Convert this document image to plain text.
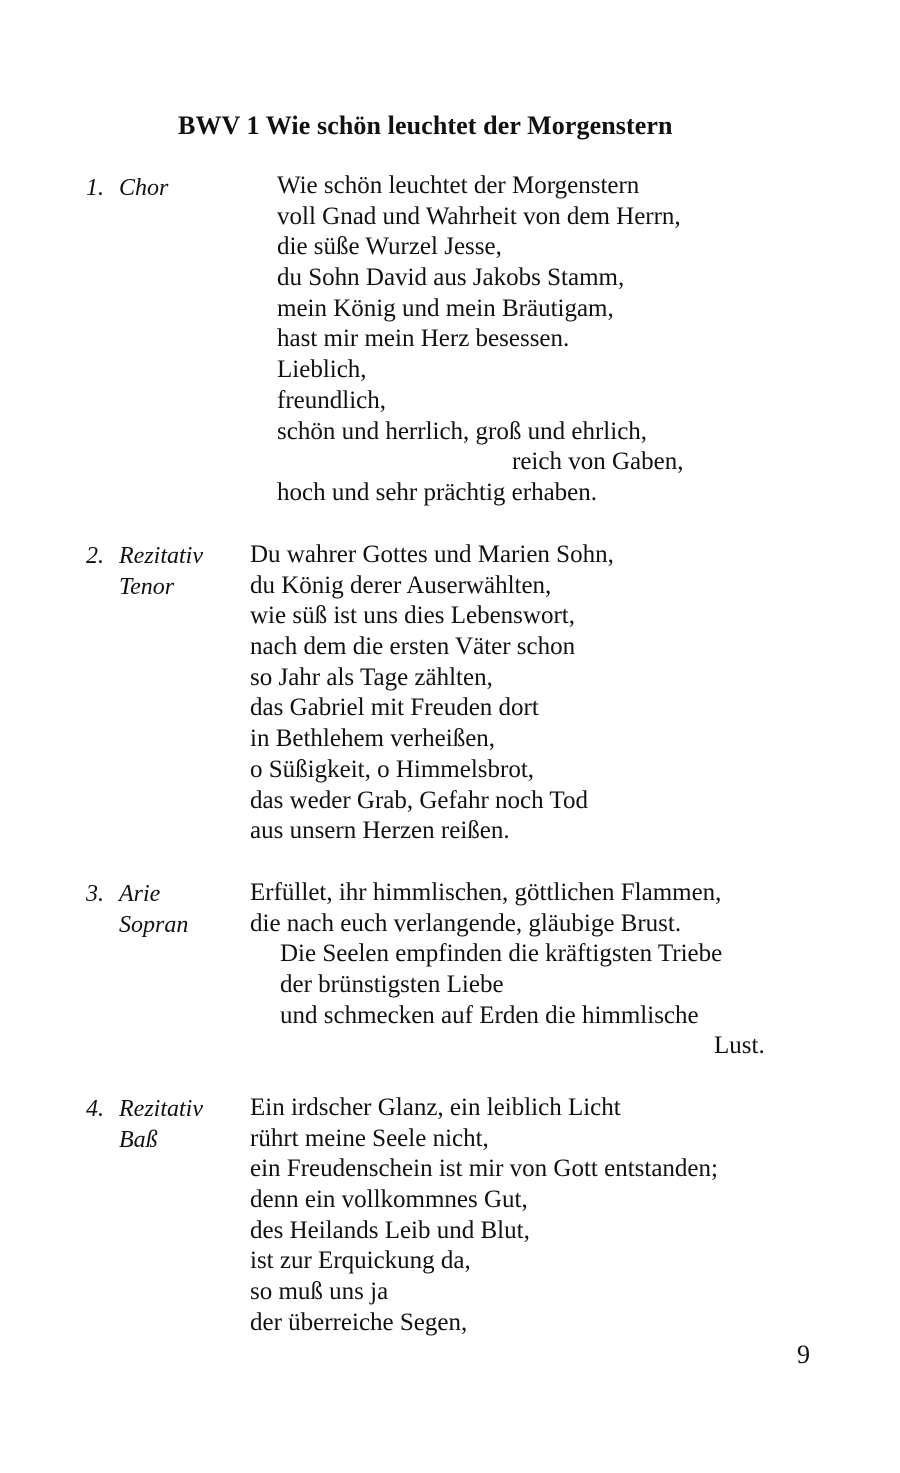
BWV 1 Wie schön leuchtet der Morgenstern
1. Chor	Wie schön leuchtet der Morgenstern
voll Gnad und Wahrheit von dem Herrn,
die süße Wurzel Jesse,
du Sohn David aus Jakobs Stamm,
mein König und mein Bräutigam,
hast mir mein Herz besessen.
Lieblich,
freundlich,
schön und herrlich, groß und ehrlich,
reich von Gaben,
hoch und sehr prächtig erhaben.
2. Rezitativ
Tenor
Du wahrer Gottes und Marien Sohn,
du König derer Auserwählten,
wie süß ist uns dies Lebenswort,
nach dem die ersten Väter schon
so Jahr als Tage zählten,
das Gabriel mit Freuden dort
in Bethlehem verheißen,
o Süßigkeit, o Himmelsbrot,
das weder Grab, Gefahr noch Tod
aus unsern Herzen reißen.
3. Arie
Sopran
Erfüllet, ihr himmlischen, göttlichen Flammen,
die nach euch verlangende, gläubige Brust.
Die Seelen empfinden die kräftigsten Triebe
der brünstigsten Liebe
und schmecken auf Erden die himmlische
Lust.
4. Rezitativ
Baß
Ein irdscher Glanz, ein leiblich Licht
rührt meine Seele nicht,
ein Freudenschein ist mir von Gott entstanden;
denn ein vollkommnes Gut,
des Heilands Leib und Blut,
ist zur Erquickung da,
so muß uns ja
der überreiche Segen,
9
